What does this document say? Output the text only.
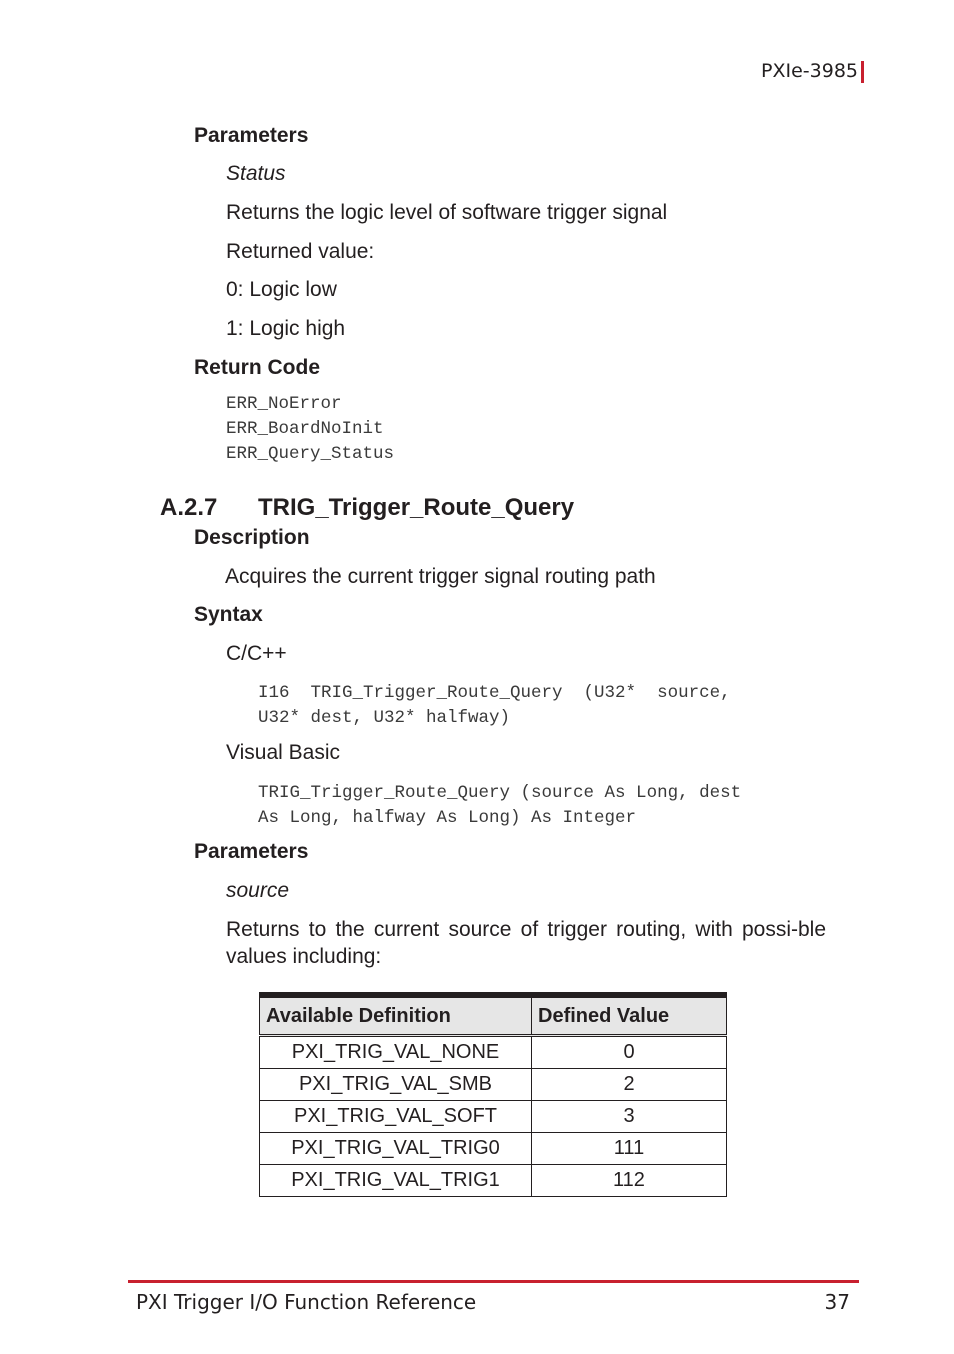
PXIe-3985
Parameters
Status
Returns the logic level of software trigger signal
Returned value:
0: Logic low
1: Logic high
Return Code
ERR_NoError
ERR_BoardNoInit
ERR_Query_Status
A.2.7 TRIG_Trigger_Route_Query
Description
Acquires the current trigger signal routing path
Syntax
C/C++
I16  TRIG_Trigger_Route_Query  (U32*  source,
U32* dest, U32* halfway)
Visual Basic
TRIG_Trigger_Route_Query (source As Long, dest
As Long, halfway As Long) As Integer
Parameters
source
Returns to the current source of trigger routing, with possi-ble values including:
Available Definition	Defined Value
PXI_TRIG_VAL_NONE	0
PXI_TRIG_VAL_SMB	2
PXI_TRIG_VAL_SOFT	3
PXI_TRIG_VAL_TRIG0	111
PXI_TRIG_VAL_TRIG1	112
PXI Trigger I/O Function Reference	37
